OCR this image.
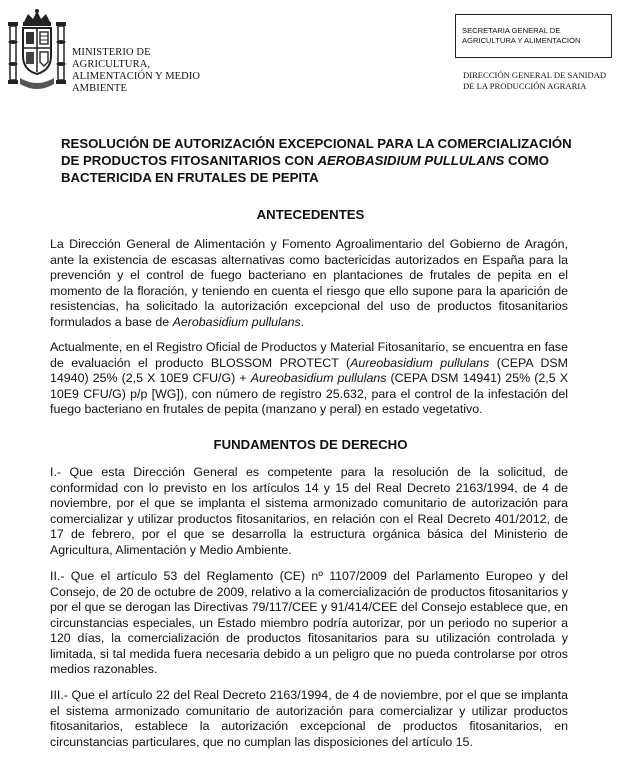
MINISTERIO DE
AGRICULTURA,
ALIMENTACIÓN Y MEDIO
AMBIENTE
SECRETARIA GENERAL DE
AGRICULTURA Y ALIMENTACIÓN
DIRECCIÓN GENERAL DE SANIDAD
DE LA PRODUCCIÓN AGRARIA
RESOLUCIÓN DE AUTORIZACIÓN EXCEPCIONAL PARA LA COMERCIALIZACIÓN
DE PRODUCTOS FITOSANITARIOS CON AEROBASIDIUM PULLULANS COMO
BACTERICIDA EN FRUTALES DE PEPITA
ANTECEDENTES

La Dirección General de Alimentación y Fomento Agroalimentario del Gobierno de Aragón, ante la existencia de escasas alternativas como bactericidas autorizados en España para la prevención y el control de fuego bacteriano en plantaciones de frutales de pepita en el momento de la floración, y teniendo en cuenta el riesgo que ello supone para la aparición de resistencias, ha solicitado la autorización excepcional del uso de productos fitosanitarios formulados a base de Aerobasidium pullulans.

Actualmente, en el Registro Oficial de Productos y Material Fitosanitario, se encuentra en fase de evaluación el producto BLOSSOM PROTECT (Aureobasidium pullulans (CEPA DSM 14940) 25% (2,5 X 10E9 CFU/G) + Aureobasidium pullulans (CEPA DSM 14941) 25% (2,5 X 10E9 CFU/G) p/p [WG]), con número de registro 25.632, para el control de la infestación del fuego bacteriano en frutales de pepita (manzano y peral) en estado vegetativo.

FUNDAMENTOS DE DERECHO

I.- Que esta Dirección General es competente para la resolución de la solicitud, de conformidad con lo previsto en los artículos 14 y 15 del Real Decreto 2163/1994, de 4 de noviembre, por el que se implanta el sistema armonizado comunitario de autorización para comercializar y utilizar productos fitosanitarios, en relación con el Real Decreto 401/2012, de 17 de febrero, por el que se desarrolla la estructura orgánica básica del Ministerio de Agricultura, Alimentación y Medio Ambiente.

II.- Que el artículo 53 del Reglamento (CE) nº 1107/2009 del Parlamento Europeo y del Consejo, de 20 de octubre de 2009, relativo a la comercialización de productos fitosanitarios y por el que se derogan las Directivas 79/117/CEE y 91/414/CEE del Consejo establece que, en circunstancias especiales, un Estado miembro podría autorizar, por un periodo no superior a 120 días, la comercialización de productos fitosanitarios para su utilización controlada y limitada, si tal medida fuera necesaria debido a un peligro que no pueda controlarse por otros medios razonables.

III.- Que el artículo 22 del Real Decreto 2163/1994, de 4 de noviembre, por el que se implanta el sistema armonizado comunitario de autorización para comercializar y utilizar productos fitosanitarios, establece la autorización excepcional de productos fitosanitarios, en circunstancias particulares, que no cumplan las disposiciones del artículo 15.
